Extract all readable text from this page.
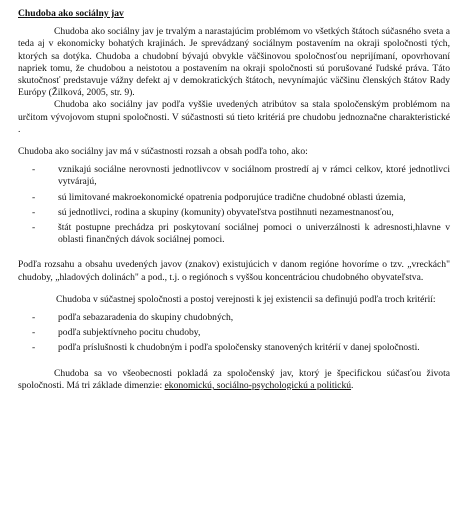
Chudoba ako sociálny jav

Chudoba ako sociálny jav je trvalým a narastajúcim problémom vo všetkých štátoch súčasného sveta a teda aj v ekonomicky bohatých krajinách. Je sprevádzaný sociálnym postavením na okraji spoločnosti tých, ktorých sa dotýka. Chudoba a chudobní bývajú obvykle väčšinovou spoločnosťou neprijímaní, opovrhovaní napriek tomu, že chudobou a neistotou a postavením na okraji spoločnosti sú porušované ľudské práva. Táto skutočnosť predstavuje vážny defekt aj v demokratických štátoch, nevynímajúc väčšinu členských štátov Rady Európy (Žilková, 2005, str. 9).

Chudoba ako sociálny jav podľa vyššie uvedených atribútov sa stala spoločenským problémom na určitom vývojovom stupni spoločnosti. V súčastnosti sú tieto kritériá pre chudobu jednoznačne charakteristické .

Chudoba ako sociálny jav má v súčastnosti rozsah a obsah podľa toho, ako:

- vznikajú sociálne nerovnosti jednotlivcov v sociálnom prostredí aj v rámci celkov, ktoré jednotlivci vytvárajú,
- sú limitované makroekonomické opatrenia podporujúce tradične chudobné oblasti územia,
- sú jednotlivci, rodina a skupiny (komunity) obyvateľstva postihnuti nezamestnanosťou,
- štát postupne prechádza pri poskytovaní sociálnej pomoci o univerzálnosti k adresnosti,hlavne v oblasti finančných dávok sociálnej pomoci.

Podľa rozsahu a obsahu uvedených javov (znakov) existujúcich v danom regióne hovoríme o tzv. „vreckách" chudoby, „hladových dolinách" a pod., t.j. o regiónoch s vyššou koncentráciou chudobného obyvateľstva.

Chudoba v súčastnej spoločnosti a postoj verejnosti k jej existencii sa definujú podľa troch kritérií:

- podľa sebazaradenia do skupiny chudobných,
- podľa subjektívneho pocitu chudoby,
- podľa príslušnosti k chudobným i podľa spoločensky stanovených kritérií v danej spoločnosti.

Chudoba sa vo všeobecnosti pokladá za spoločenský jav, ktorý je špecifickou súčasťou života spoločnosti. Má tri základe dimenzie: ekonomickú, sociálno-psychologickú a politickú.
